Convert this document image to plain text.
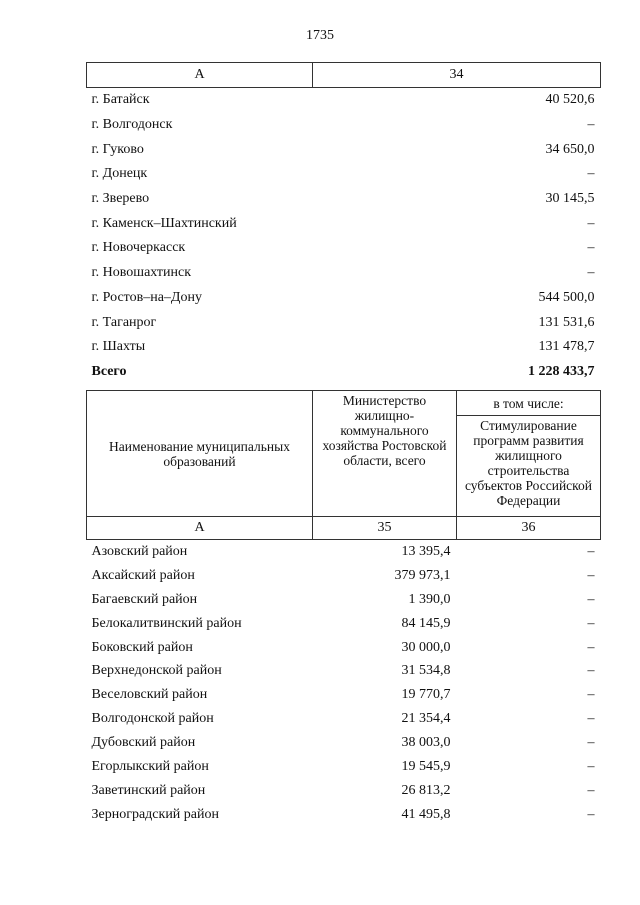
1735
А	34
г. Батайск	40 520,6
г. Волгодонск	–
г. Гуково	34 650,0
г. Донецк	–
г. Зверево	30 145,5
г. Каменск–Шахтинский	–
г. Новочеркасск	–
г. Новошахтинск	–
г. Ростов–на–Дону	544 500,0
г. Таганрог	131 531,6
г. Шахты	131 478,7
Всего	1 228 433,7
Наименование муниципальных образований	Министерство жилищно-коммунального хозяйства Ростовской области, всего	в том числе:
		Стимулирование программ развития жилищного строительства субъектов Российской Федерации
А	35	36
Азовский район	13 395,4	–
Аксайский район	379 973,1	–
Багаевский район	1 390,0	–
Белокалитвинский район	84 145,9	–
Боковский район	30 000,0	–
Верхнедонской район	31 534,8	–
Веселовский район	19 770,7	–
Волгодонской район	21 354,4	–
Дубовский район	38 003,0	–
Егорлыкский район	19 545,9	–
Заветинский район	26 813,2	–
Зерноградский район	41 495,8	–
